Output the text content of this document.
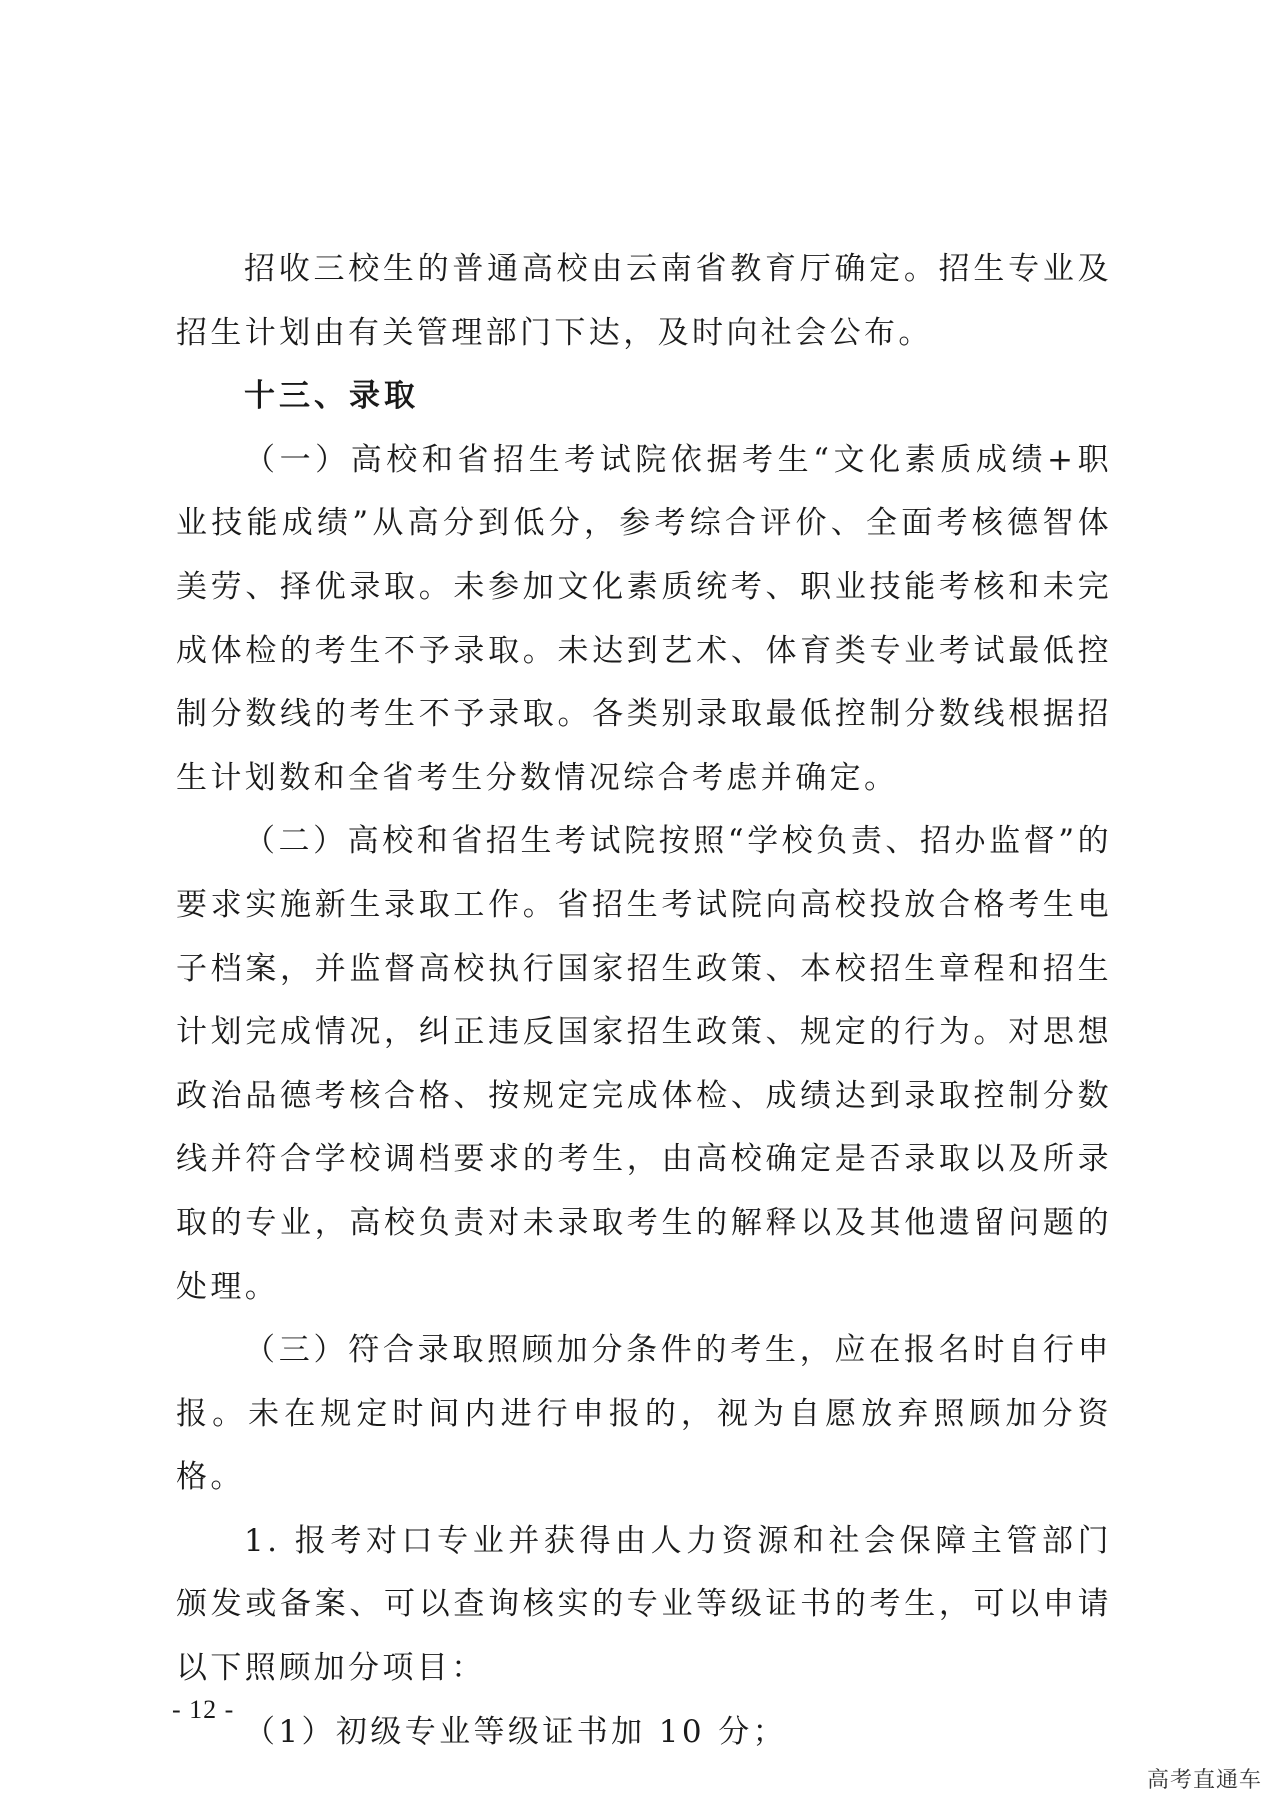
招收三校生的普通高校由云南省教育厅确定。招生专业及招生计划由有关管理部门下达，及时向社会公布。

十三、录取

（一）高校和省招生考试院依据考生“文化素质成绩+职业技能成绩”从高分到低分，参考综合评价、全面考核德智体美劳、择优录取。未参加文化素质统考、职业技能考核和未完成体检的考生不予录取。未达到艺术、体育类专业考试最低控制分数线的考生不予录取。各类别录取最低控制分数线根据招生计划数和全省考生分数情况综合考虑并确定。

（二）高校和省招生考试院按照“学校负责、招办监督”的要求实施新生录取工作。省招生考试院向高校投放合格考生电子档案，并监督高校执行国家招生政策、本校招生章程和招生计划完成情况，纠正违反国家招生政策、规定的行为。对思想政治品德考核合格、按规定完成体检、成绩达到录取控制分数线并符合学校调档要求的考生，由高校确定是否录取以及所录取的专业，高校负责对未录取考生的解释以及其他遗留问题的处理。

（三）符合录取照顾加分条件的考生，应在报名时自行申报。未在规定时间内进行申报的，视为自愿放弃照顾加分资格。

1. 报考对口专业并获得由人力资源和社会保障主管部门颁发或备案、可以查询核实的专业等级证书的考生，可以申请以下照顾加分项目：

（1）初级专业等级证书加 10 分；

- 12 -
高考直通车
